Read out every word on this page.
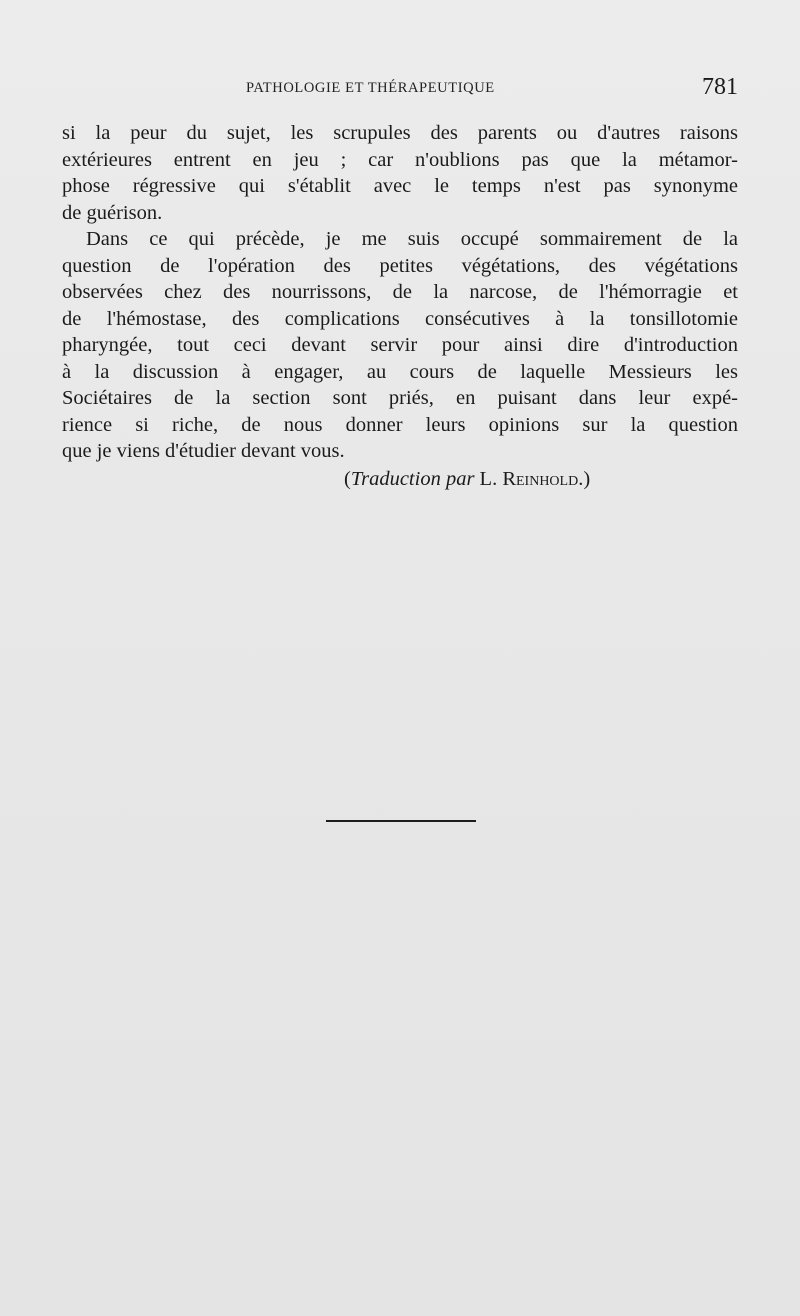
PATHOLOGIE ET THÉRAPEUTIQUE	781
si la peur du sujet, les scrupules des parents ou d'autres raisons
extérieures entrent en jeu ; car n'oublions pas que la métamor-
phose régressive qui s'établit avec le temps n'est pas synonyme
de guérison.
Dans ce qui précède, je me suis occupé sommairement de la
question de l'opération des petites végétations, des végétations
observées chez des nourrissons, de la narcose, de l'hémorragie et
de l'hémostase, des complications consécutives à la tonsillotomie
pharyngée, tout ceci devant servir pour ainsi dire d'introduction
à la discussion à engager, au cours de laquelle Messieurs les
Sociétaires de la section sont priés, en puisant dans leur expé-
rience si riche, de nous donner leurs opinions sur la question
que je viens d'étudier devant vous.
(Traduction par L. Reinhold.)
